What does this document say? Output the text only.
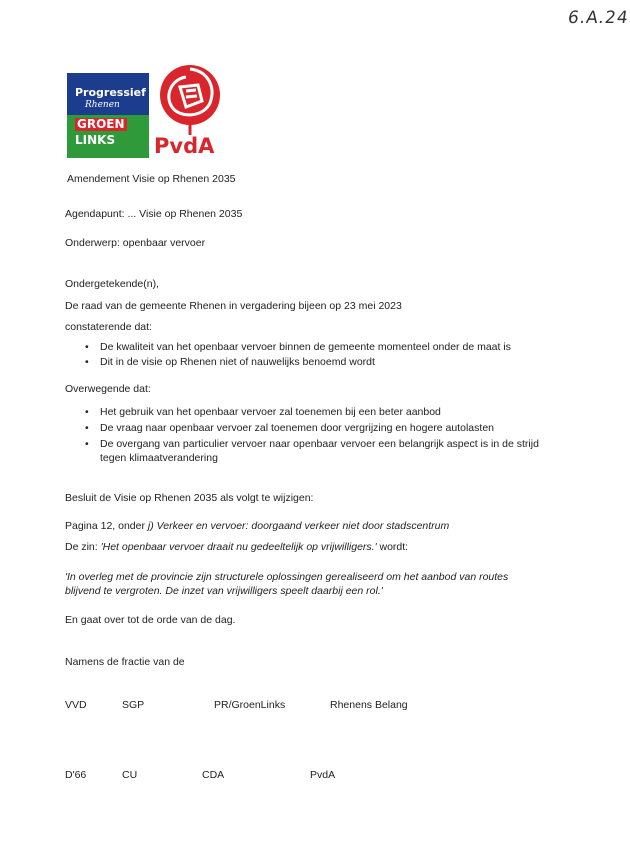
6.A.24
Progressief
Rhenen
GROEN
LINKS PvdA
Amendement Visie op Rhenen 2035
Agendapunt: ... Visie op Rhenen 2035
Onderwerp: openbaar vervoer
Ondergetekende(n),
De raad van de gemeente Rhenen in vergadering bijeen op 23 mei 2023
constaterende dat:
• De kwaliteit van het openbaar vervoer binnen de gemeente momenteel onder de maat is
• Dit in de visie op Rhenen niet of nauwelijks benoemd wordt
Overwegende dat:
• Het gebruik van het openbaar vervoer zal toenemen bij een beter aanbod
• De vraag naar openbaar vervoer zal toenemen door vergrijzing en hogere autolasten
• De overgang van particulier vervoer naar openbaar vervoer een belangrijk aspect is in de strijd tegen klimaatverandering
Besluit de Visie op Rhenen 2035 als volgt te wijzigen:
Pagina 12, onder j) Verkeer en vervoer: doorgaand verkeer niet door stadscentrum
De zin: 'Het openbaar vervoer draait nu gedeeltelijk op vrijwilligers.' wordt:
'In overleg met de provincie zijn structurele oplossingen gerealiseerd om het aanbod van routes blijvend te vergroten. De inzet van vrijwilligers speelt daarbij een rol.'
En gaat over tot de orde van de dag.
Namens de fractie van de
VVD	SGP	PR/GroenLinks	Rhenens Belang
D'66	CU	CDA	PvdA
